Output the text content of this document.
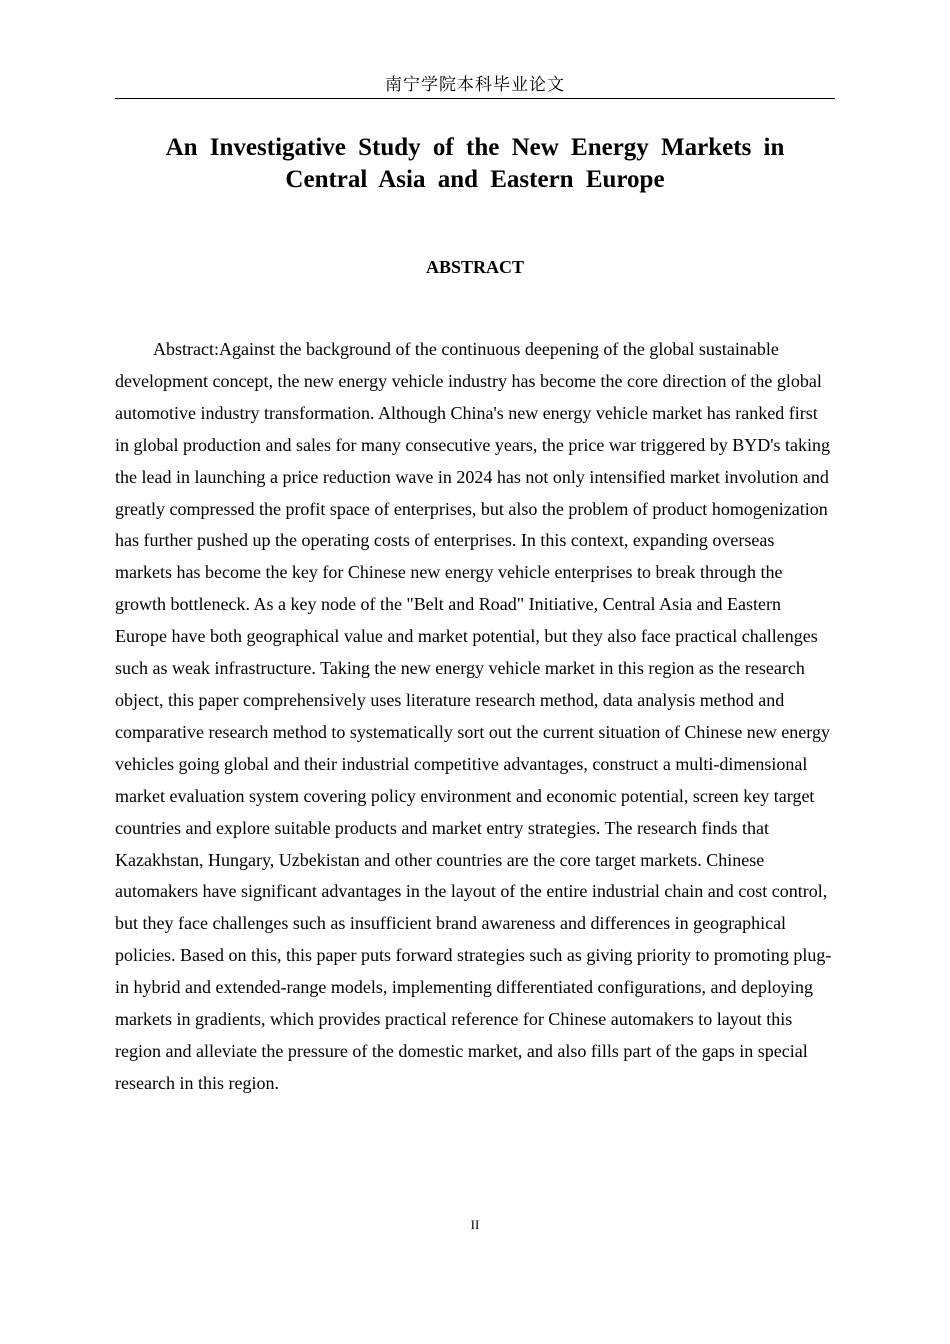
南宁学院本科毕业论文
An Investigative Study of the New Energy Markets in Central Asia and Eastern Europe
ABSTRACT

Abstract:Against the background of the continuous deepening of the global sustainable development concept, the new energy vehicle industry has become the core direction of the global automotive industry transformation. Although China's new energy vehicle market has ranked first in global production and sales for many consecutive years, the price war triggered by BYD's taking the lead in launching a price reduction wave in 2024 has not only intensified market involution and greatly compressed the profit space of enterprises, but also the problem of product homogenization has further pushed up the operating costs of enterprises. In this context, expanding overseas markets has become the key for Chinese new energy vehicle enterprises to break through the growth bottleneck. As a key node of the "Belt and Road" Initiative, Central Asia and Eastern Europe have both geographical value and market potential, but they also face practical challenges such as weak infrastructure. Taking the new energy vehicle market in this region as the research object, this paper comprehensively uses literature research method, data analysis method and comparative research method to systematically sort out the current situation of Chinese new energy vehicles going global and their industrial competitive advantages, construct a multi-dimensional market evaluation system covering policy environment and economic potential, screen key target countries and explore suitable products and market entry strategies. The research finds that Kazakhstan, Hungary, Uzbekistan and other countries are the core target markets. Chinese automakers have significant advantages in the layout of the entire industrial chain and cost control, but they face challenges such as insufficient brand awareness and differences in geographical policies. Based on this, this paper puts forward strategies such as giving priority to promoting plug-in hybrid and extended-range models, implementing differentiated configurations, and deploying markets in gradients, which provides practical reference for Chinese automakers to layout this region and alleviate the pressure of the domestic market, and also fills part of the gaps in special research in this region.

II
